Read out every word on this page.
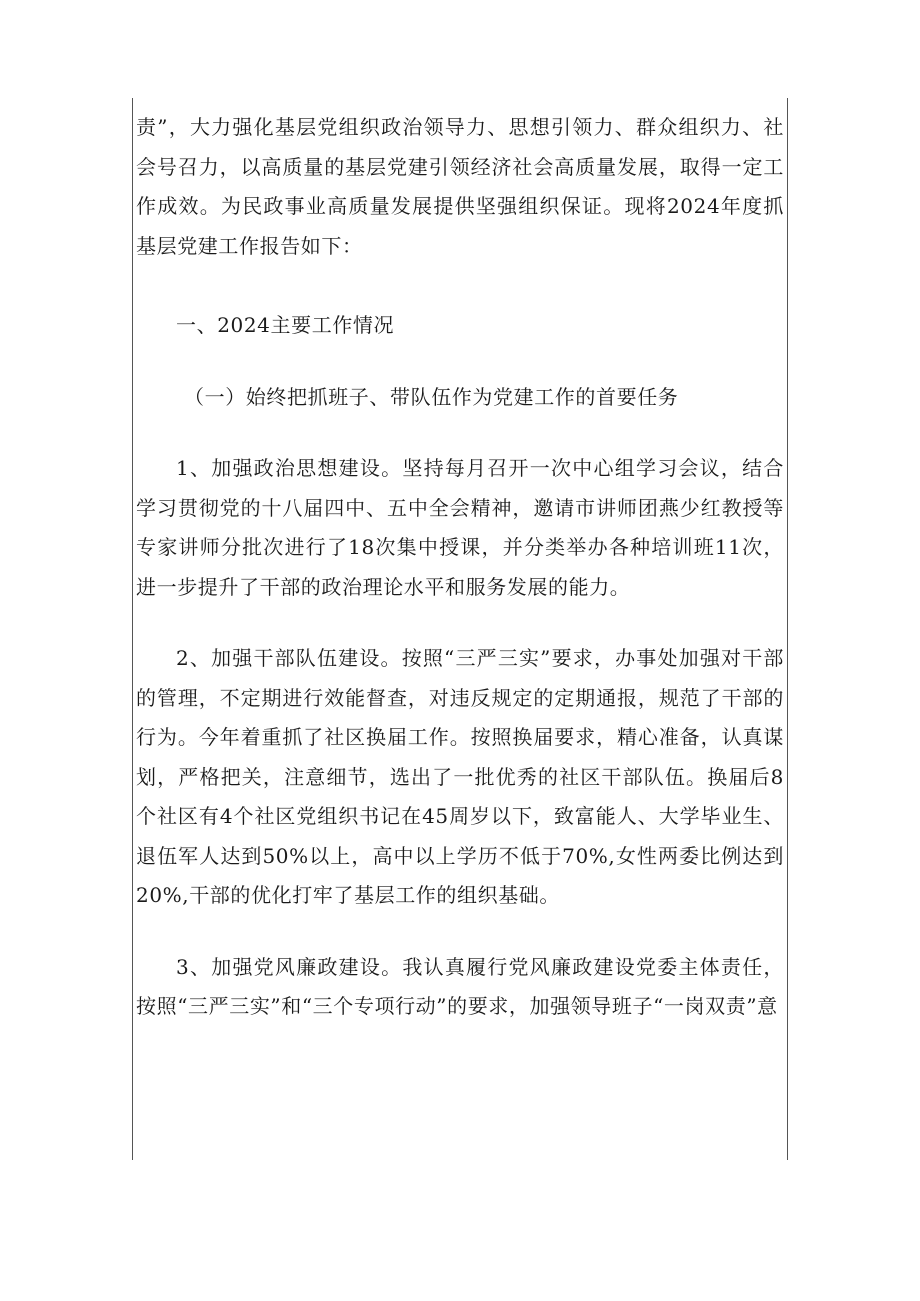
责”，大力强化基层党组织政治领导力、思想引领力、群众组织力、社会号召力，以高质量的基层党建引领经济社会高质量发展，取得一定工作成效。为民政事业高质量发展提供坚强组织保证。现将2024年度抓基层党建工作报告如下：

一、2024主要工作情况

（一）始终把抓班子、带队伍作为党建工作的首要任务

1、加强政治思想建设。坚持每月召开一次中心组学习会议，结合学习贯彻党的十八届四中、五中全会精神，邀请市讲师团燕少红教授等专家讲师分批次进行了18次集中授课，并分类举办各种培训班11次，进一步提升了干部的政治理论水平和服务发展的能力。

2、加强干部队伍建设。按照“三严三实”要求，办事处加强对干部的管理，不定期进行效能督查，对违反规定的定期通报，规范了干部的行为。今年着重抓了社区换届工作。按照换届要求，精心准备，认真谋划，严格把关，注意细节，选出了一批优秀的社区干部队伍。换届后8个社区有4个社区党组织书记在45周岁以下，致富能人、大学毕业生、退伍军人达到50%以上，高中以上学历不低于70%,女性两委比例达到20%,干部的优化打牢了基层工作的组织基础。

3、加强党风廉政建设。我认真履行党风廉政建设党委主体责任，按照“三严三实”和“三个专项行动”的要求，加强领导班子“一岗双责”意
